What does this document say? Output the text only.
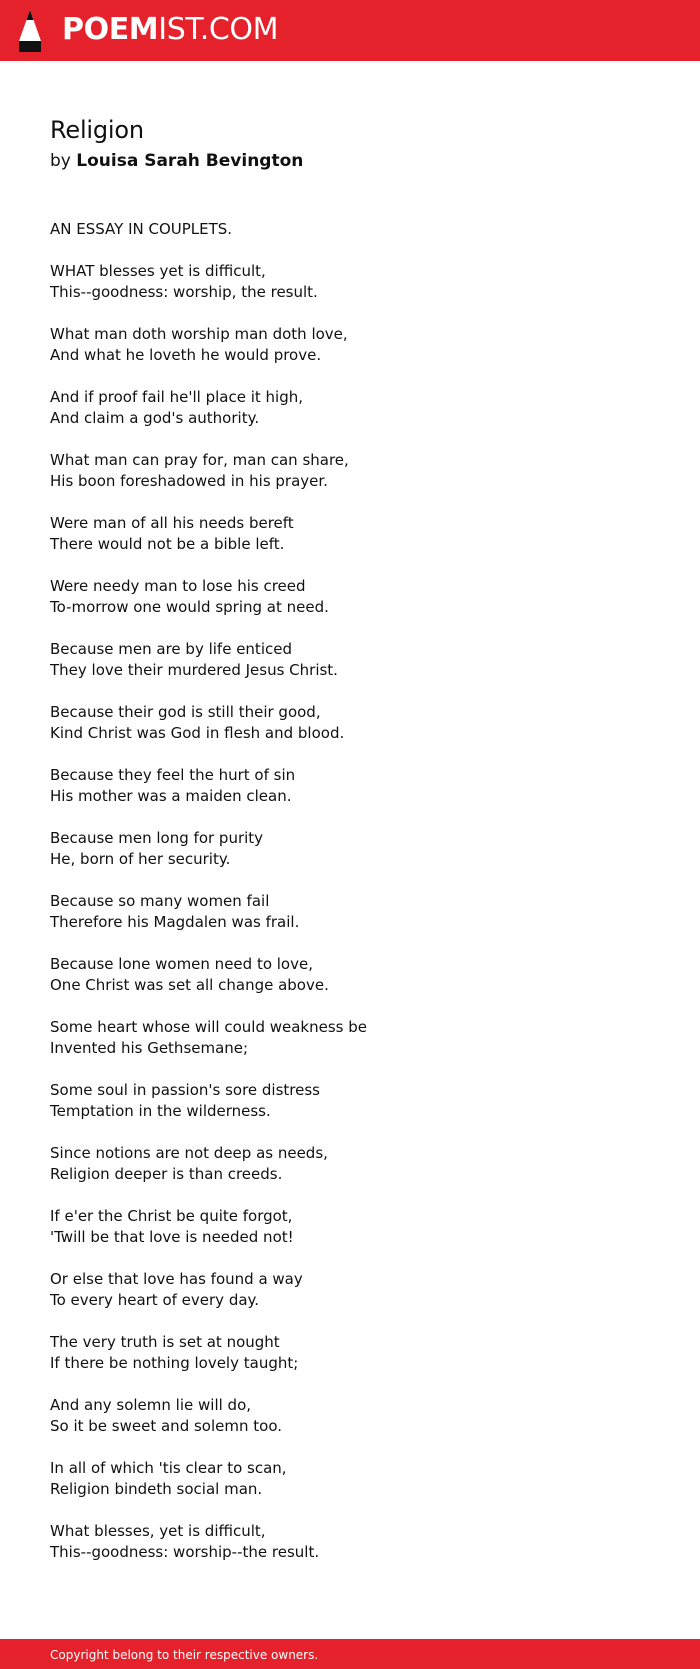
POEMIST.COM
Religion
by Louisa Sarah Bevington
AN ESSAY IN COUPLETS.
WHAT blesses yet is difficult,
This--goodness: worship, the result.
What man doth worship man doth love,
And what he loveth he would prove.
And if proof fail he'll place it high,
And claim a god's authority.
What man can pray for, man can share,
His boon foreshadowed in his prayer.
Were man of all his needs bereft
There would not be a bible left.
Were needy man to lose his creed
To-morrow one would spring at need.
Because men are by life enticed
They love their murdered Jesus Christ.
Because their god is still their good,
Kind Christ was God in flesh and blood.
Because they feel the hurt of sin
His mother was a maiden clean.
Because men long for purity
He, born of her security.
Because so many women fail
Therefore his Magdalen was frail.
Because lone women need to love,
One Christ was set all change above.
Some heart whose will could weakness be
Invented his Gethsemane;
Some soul in passion's sore distress
Temptation in the wilderness.
Since notions are not deep as needs,
Religion deeper is than creeds.
If e'er the Christ be quite forgot,
'Twill be that love is needed not!
Or else that love has found a way
To every heart of every day.
The very truth is set at nought
If there be nothing lovely taught;
And any solemn lie will do,
So it be sweet and solemn too.
In all of which 'tis clear to scan,
Religion bindeth social man.
What blesses, yet is difficult,
This--goodness: worship--the result.
Copyright belong to their respective owners.
